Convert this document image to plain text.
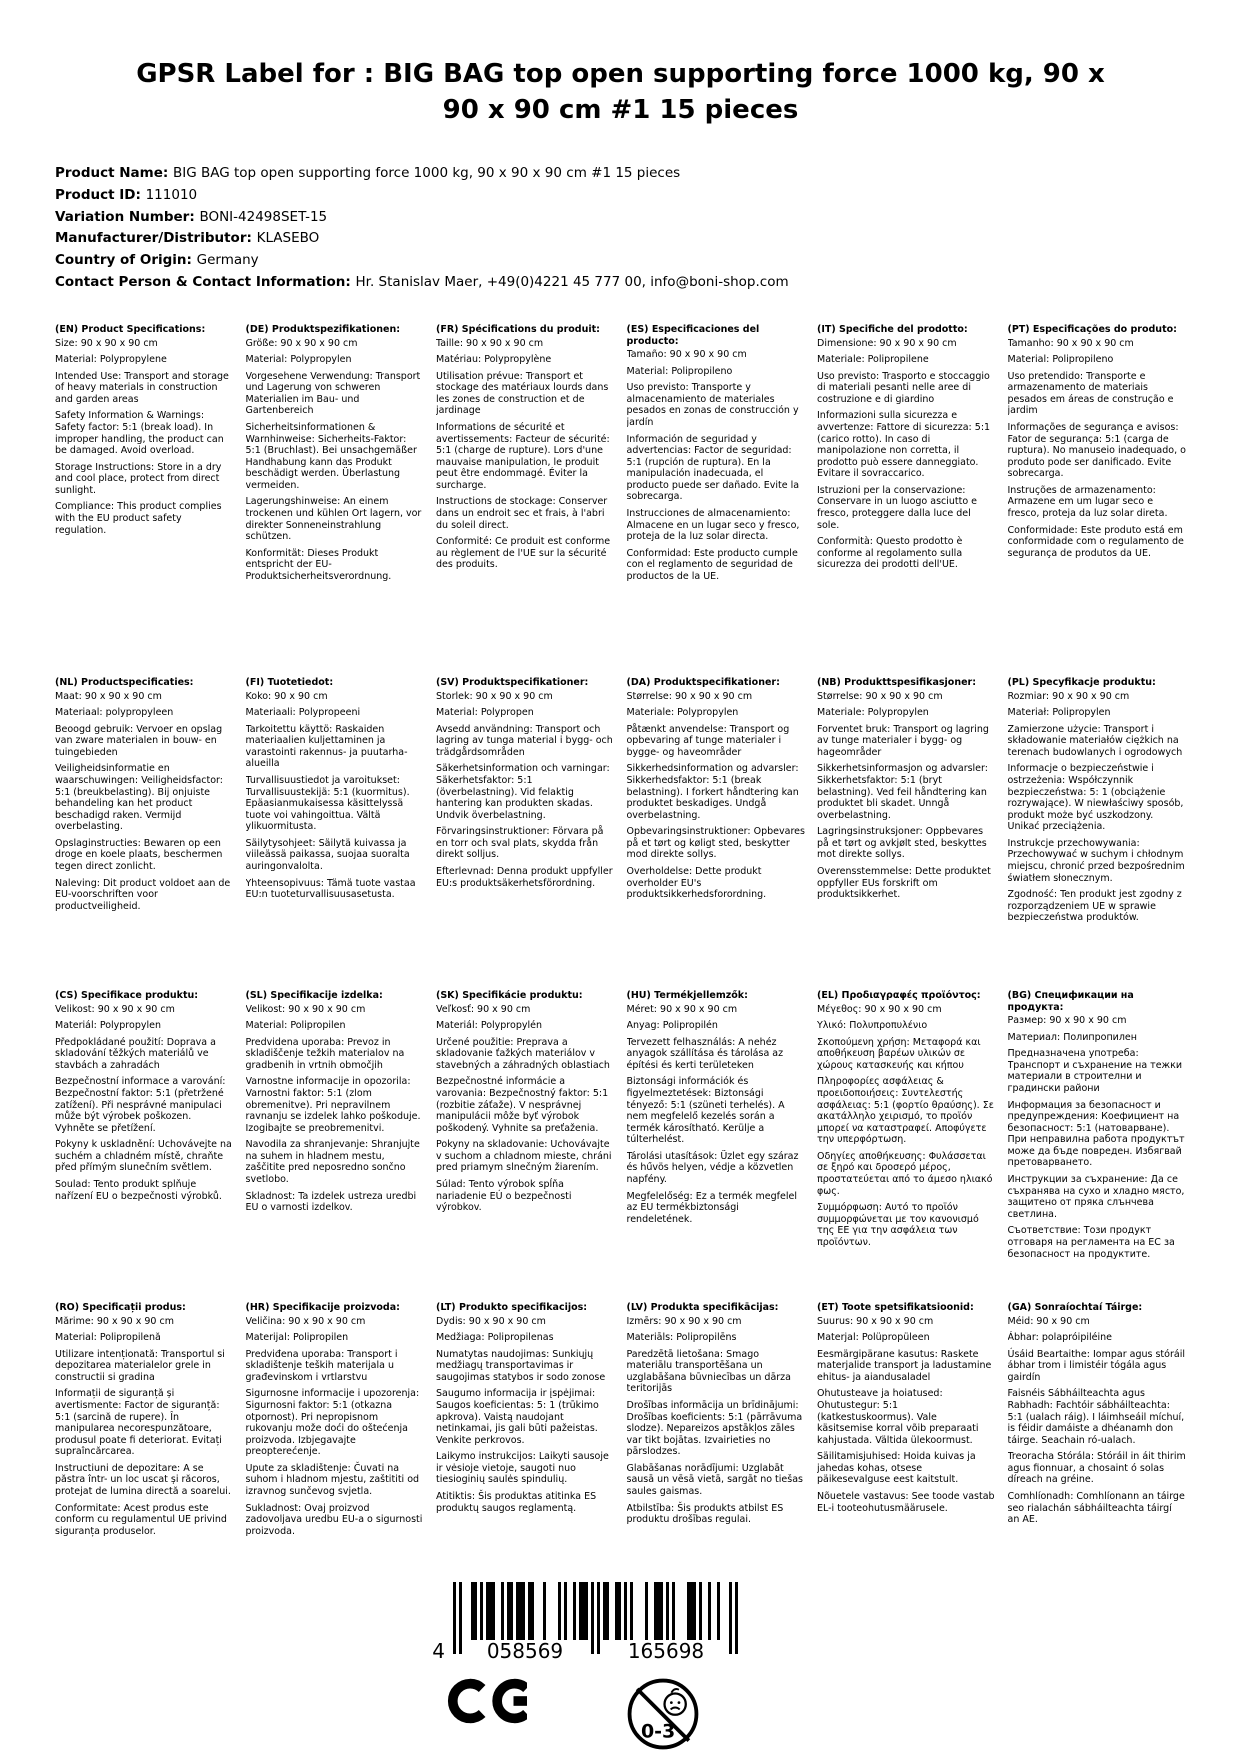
GPSR Label for : BIG BAG top open supporting force 1000 kg, 90 x 90 x 90 cm #1 15 pieces
Product Name: BIG BAG top open supporting force 1000 kg, 90 x 90 x 90 cm #1 15 pieces
Product ID: 111010
Variation Number: BONI-42498SET-15
Manufacturer/Distributor: KLASEBO
Country of Origin: Germany
Contact Person & Contact Information: Hr. Stanislav Maer, +49(0)4221 45 777 00, info@boni-shop.com
(EN) Product Specifications:

Size: 90 x 90 x 90 cm

Material: Polypropylene

Intended Use: Transport and storage of heavy materials in construction and garden areas

Safety Information & Warnings: Safety factor: 5:1 (break load). In improper handling, the product can be damaged. Avoid overload.

Storage Instructions: Store in a dry and cool place, protect from direct sunlight.

Compliance: This product complies with the EU product safety regulation.

(DE) Produktspezifikationen:

Größe: 90 x 90 x 90 cm

Material: Polypropylen

Vorgesehene Verwendung: Transport und Lagerung von schweren Materialien im Bau- und Gartenbereich

Sicherheitsinformationen & Warnhinweise: Sicherheits-Faktor: 5:1 (Bruchlast). Bei unsachgemäßer Handhabung kann das Produkt beschädigt werden. Überlastung vermeiden.

Lagerungshinweise: An einem trockenen und kühlen Ort lagern, vor direkter Sonneneinstrahlung schützen.

Konformität: Dieses Produkt entspricht der EU-Produktsicherheitsverordnung.

(FR) Spécifications du produit:

Taille: 90 x 90 x 90 cm

Matériau: Polypropylène

Utilisation prévue: Transport et stockage des matériaux lourds dans les zones de construction et de jardinage

Informations de sécurité et avertissements: Facteur de sécurité: 5:1 (charge de rupture). Lors d'une mauvaise manipulation, le produit peut être endommagé. Éviter la surcharge.

Instructions de stockage: Conserver dans un endroit sec et frais, à l'abri du soleil direct.

Conformité: Ce produit est conforme au règlement de l'UE sur la sécurité des produits.

(ES) Especificaciones del producto:

Tamaño: 90 x 90 x 90 cm

Material: Polipropileno

Uso previsto: Transporte y almacenamiento de materiales pesados en zonas de construcción y jardín

Información de seguridad y advertencias: Factor de seguridad: 5:1 (rupción de ruptura). En la manipulación inadecuada, el producto puede ser dañado. Evite la sobrecarga.

Instrucciones de almacenamiento: Almacene en un lugar seco y fresco, proteja de la luz solar directa.

Conformidad: Este producto cumple con el reglamento de seguridad de productos de la UE.

(IT) Specifiche del prodotto:

Dimensione: 90 x 90 x 90 cm

Materiale: Polipropilene

Uso previsto: Trasporto e stoccaggio di materiali pesanti nelle aree di costruzione e di giardino

Informazioni sulla sicurezza e avvertenze: Fattore di sicurezza: 5:1 (carico rotto). In caso di manipolazione non corretta, il prodotto può essere danneggiato. Evitare il sovraccarico.

Istruzioni per la conservazione: Conservare in un luogo asciutto e fresco, proteggere dalla luce del sole.

Conformità: Questo prodotto è conforme al regolamento sulla sicurezza dei prodotti dell'UE.

(PT) Especificações do produto:

Tamanho: 90 x 90 x 90 cm

Material: Polipropileno

Uso pretendido: Transporte e armazenamento de materiais pesados em áreas de construção e jardim

Informações de segurança e avisos: Fator de segurança: 5:1 (carga de ruptura). No manuseio inadequado, o produto pode ser danificado. Evite sobrecarga.

Instruções de armazenamento: Armazene em um lugar seco e fresco, proteja da luz solar direta.

Conformidade: Este produto está em conformidade com o regulamento de segurança de produtos da UE.

(NL) Productspecificaties:

Maat: 90 x 90 x 90 cm

Materiaal: polypropyleen

Beoogd gebruik: Vervoer en opslag van zware materialen in bouw- en tuingebieden

Veiligheidsinformatie en waarschuwingen: Veiligheidsfactor: 5:1 (breukbelasting). Bij onjuiste behandeling kan het product beschadigd raken. Vermijd overbelasting.

Opslaginstructies: Bewaren op een droge en koele plaats, beschermen tegen direct zonlicht.

Naleving: Dit product voldoet aan de EU-voorschriften voor productveiligheid.

(FI) Tuotetiedot:

Koko: 90 x 90 cm

Materiaali: Polypropeeni

Tarkoitettu käyttö: Raskaiden materiaalien kuljettaminen ja varastointi rakennus- ja puutarha-alueilla

Turvallisuustiedot ja varoitukset: Turvallisuustekijä: 5:1 (kuormitus). Epäasianmukaisessa käsittelyssä tuote voi vahingoittua. Vältä ylikuormitusta.

Säilytysohjeet: Säilytä kuivassa ja viileässä paikassa, suojaa suoralta auringonvalolta.

Yhteensopivuus: Tämä tuote vastaa EU:n tuoteturvallisuusasetusta.

(SV) Produktspecifikationer:

Storlek: 90 x 90 x 90 cm

Material: Polypropen

Avsedd användning: Transport och lagring av tunga material i bygg- och trädgårdsområden

Säkerhetsinformation och varningar: Säkerhetsfaktor: 5:1 (överbelastning). Vid felaktig hantering kan produkten skadas. Undvik överbelastning.

Förvaringsinstruktioner: Förvara på en torr och sval plats, skydda från direkt solljus.

Efterlevnad: Denna produkt uppfyller EU:s produktsäkerhetsförordning.

(DA) Produktspecifikationer:

Størrelse: 90 x 90 x 90 cm

Materiale: Polypropylen

Påtænkt anvendelse: Transport og opbevaring af tunge materialer i bygge- og haveområder

Sikkerhedsinformation og advarsler: Sikkerhedsfaktor: 5:1 (break belastning). I forkert håndtering kan produktet beskadiges. Undgå overbelastning.

Opbevaringsinstruktioner: Opbevares på et tørt og køligt sted, beskytter mod direkte sollys.

Overholdelse: Dette produkt overholder EU's produktsikkerhedsforordning.

(NB) Produkttspesifikasjoner:

Størrelse: 90 x 90 x 90 cm

Materiale: Polypropylen

Forventet bruk: Transport og lagring av tunge materialer i bygg- og hageområder

Sikkerhetsinformasjon og advarsler: Sikkerhetsfaktor: 5:1 (bryt belastning). Ved feil håndtering kan produktet bli skadet. Unngå overbelastning.

Lagringsinstruksjoner: Oppbevares på et tørt og avkjølt sted, beskyttes mot direkte sollys.

Overensstemmelse: Dette produktet oppfyller EUs forskrift om produktsikkerhet.

(PL) Specyfikacje produktu:

Rozmiar: 90 x 90 x 90 cm

Materiał: Polipropylen

Zamierzone użycie: Transport i składowanie materiałów ciężkich na terenach budowlanych i ogrodowych

Informacje o bezpieczeństwie i ostrzeżenia: Współczynnik bezpieczeństwa: 5: 1 (obciążenie rozrywające). W niewłaściwy sposób, produkt może być uszkodzony. Unikać przeciążenia.

Instrukcje przechowywania: Przechowywać w suchym i chłodnym miejscu, chronić przed bezpośrednim światłem słonecznym.

Zgodność: Ten produkt jest zgodny z rozporządzeniem UE w sprawie bezpieczeństwa produktów.

(CS) Specifikace produktu:

Velikost: 90 x 90 x 90 cm

Materiál: Polypropylen

Předpokládané použití: Doprava a skladování těžkých materiálů ve stavbách a zahradách

Bezpečnostní informace a varování: Bezpečnostní faktor: 5:1 (přetržené zatížení). Při nesprávné manipulaci může být výrobek poškozen. Vyhněte se přetížení.

Pokyny k uskladnění: Uchovávejte na suchém a chladném místě, chraňte před přímým slunečním světlem.

Soulad: Tento produkt splňuje nařízení EU o bezpečnosti výrobků.

(SL) Specifikacije izdelka:

Velikost: 90 x 90 x 90 cm

Material: Polipropilen

Predvidena uporaba: Prevoz in skladiščenje težkih materialov na gradbenih in vrtnih območjih

Varnostne informacije in opozorila: Varnostni faktor: 5:1 (zlom obremenitve). Pri nepravilnem ravnanju se izdelek lahko poškoduje. Izogibajte se preobremenitvi.

Navodila za shranjevanje: Shranjujte na suhem in hladnem mestu, zaščitite pred neposredno sončno svetlobo.

Skladnost: Ta izdelek ustreza uredbi EU o varnosti izdelkov.

(SK) Špecifikácie produktu:

Veľkosť: 90 x 90 cm

Materiál: Polypropylén

Určené použitie: Preprava a skladovanie ťažkých materiálov v stavebných a záhradných oblastiach

Bezpečnostné informácie a varovania: Bezpečnostný faktor: 5:1 (rozbitie záťaže). V nesprávnej manipulácii môže byť výrobok poškodený. Vyhnite sa preťaženia.

Pokyny na skladovanie: Uchovávajte v suchom a chladnom mieste, chráni pred priamym slnečným žiarením.

Súlad: Tento výrobok spĺňa nariadenie EÚ o bezpečnosti výrobkov.

(HU) Termékjellemzők:

Méret: 90 x 90 x 90 cm

Anyag: Polipropilén

Tervezett felhasználás: A nehéz anyagok szállítása és tárolása az építési és kerti területeken

Biztonsági információk és figyelmeztetések: Biztonsági tényező: 5:1 (szüneti terhelés). A nem megfelelő kezelés során a termék károsítható. Kerülje a túlterhelést.

Tárolási utasítások: Üzlet egy száraz és hűvös helyen, védje a közvetlen napfény.

Megfelelőség: Ez a termék megfelel az EU termékbiztonsági rendeletének.

(EL) Προδιαγραφές προϊόντος:

Μέγεθος: 90 x 90 x 90 cm

Υλικό: Πολυπροπυλένιο

Σκοπούμενη χρήση: Μεταφορά και αποθήκευση βαρέων υλικών σε χώρους κατασκευής και κήπου

Πληροφορίες ασφάλειας & προειδοποιήσεις: Συντελεστής ασφάλειας: 5:1 (φορτίο θραύσης). Σε ακατάλληλο χειρισμό, το προϊόν μπορεί να καταστραφεί. Αποφύγετε την υπερφόρτωση.

Οδηγίες αποθήκευσης: Φυλάσσεται σε ξηρό και δροσερό μέρος, προστατεύεται από το άμεσο ηλιακό φως.

Συμμόρφωση: Αυτό το προϊόν συμμορφώνεται με τον κανονισμό της ΕΕ για την ασφάλεια των προϊόντων.

(BG) Спецификации на продукта:

Размер: 90 x 90 x 90 cm

Материал: Полипропилен

Предназначена употреба: Транспорт и съхранение на тежки материали в строителни и градински райони

Информация за безопасност и предупреждения: Коефициент на безопасност: 5:1 (натоварване). При неправилна работа продуктът може да бъде повреден. Избягвай претоварването.

Инструкции за съхранение: Да се съхранява на сухо и хладно място, защитено от пряка слънчева светлина.

Съответствие: Този продукт отговаря на регламента на ЕС за безопасност на продуктите.

(RO) Specificații produs:

Mărime: 90 x 90 x 90 cm

Material: Polipropilenă

Utilizare intenționată: Transportul si depozitarea materialelor grele in constructii si gradina

Informații de siguranță și avertismente: Factor de siguranță: 5:1 (sarcină de rupere). În manipularea necorespunzătoare, produsul poate fi deteriorat. Evitați supraîncărcarea.

Instructiuni de depozitare: A se păstra într- un loc uscat și răcoros, protejat de lumina directă a soarelui.

Conformitate: Acest produs este conform cu regulamentul UE privind siguranța produselor.

(HR) Specifikacije proizvoda:

Veličina: 90 x 90 x 90 cm

Materijal: Polipropilen

Predviđena uporaba: Transport i skladištenje teških materijala u građevinskom i vrtlarstvu

Sigurnosne informacije i upozorenja: Sigurnosni faktor: 5:1 (otkazna otpornost). Pri nepropisnom rukovanju može doći do oštećenja proizvoda. Izbjegavajte preopterećenje.

Upute za skladištenje: Čuvati na suhom i hladnom mjestu, zaštititi od izravnog sunčevog svjetla.

Sukladnost: Ovaj proizvod zadovoljava uredbu EU-a o sigurnosti proizvoda.

(LT) Produkto specifikacijos:

Dydis: 90 x 90 x 90 cm

Medžiaga: Polipropilenas

Numatytas naudojimas: Sunkiųjų medžiagų transportavimas ir saugojimas statybos ir sodo zonose

Saugumo informacija ir įspėjimai: Saugos koeficientas: 5: 1 (trūkimo apkrova). Vaistą naudojant netinkamai, jis gali būti pažeistas. Venkite perkrovos.

Laikymo instrukcijos: Laikyti sausoje ir vėsioje vietoje, saugoti nuo tiesioginių saulės spindulių.

Atitiktis: Šis produktas atitinka ES produktų saugos reglamentą.

(LV) Produkta specifikācijas:

Izmērs: 90 x 90 x 90 cm

Materiāls: Polipropilēns

Paredzētā lietošana: Smago materiālu transportēšana un uzglabāšana būvniecības un dārza teritorijās

Drošības informācija un brīdinājumi: Drošības koeficients: 5:1 (pārrāvuma slodze). Nepareizos apstākļos zāles var tikt bojātas. Izvairieties no pārslodzes.

Glabāšanas norādījumi: Uzglabāt sausā un vēsā vietā, sargāt no tiešas saules gaismas.

Atbilstība: Šis produkts atbilst ES produktu drošības regulai.

(ET) Toote spetsifikatsioonid:

Suurus: 90 x 90 x 90 cm

Materjal: Polüpropüleen

Eesmärgipärane kasutus: Raskete materjalide transport ja ladustamine ehitus- ja aiandusaladel

Ohutusteave ja hoiatused: Ohutustegur: 5:1 (katkestuskoormus). Vale käsitsemise korral võib preparaati kahjustada. Vältida ülekoormust.

Säilitamisjuhised: Hoida kuivas ja jahedas kohas, otsese päikesevalguse eest kaitstult.

Nõuetele vastavus: See toode vastab EL-i tooteohutusmäärusele.

(GA) Sonraíochtaí Táirge:

Méid: 90 x 90 cm

Ábhar: polapróipiléine

Úsáid Beartaithe: Iompar agus stóráil ábhar trom i limistéir tógála agus gairdín

Faisnéis Sábháilteachta agus Rabhadh: Fachtóir sábháilteachta: 5:1 (ualach ráig). I láimhseáil míchuí, is féidir damáiste a dhéanamh don táirge. Seachain ró-ualach.

Treoracha Stórála: Stóráil in áit thirim agus fionnuar, a chosaint ó solas díreach na gréine.

Comhlíonadh: Comhlíonann an táirge seo rialachán sábháilteachta táirgí an AE.

4 058569	165698
0-3
